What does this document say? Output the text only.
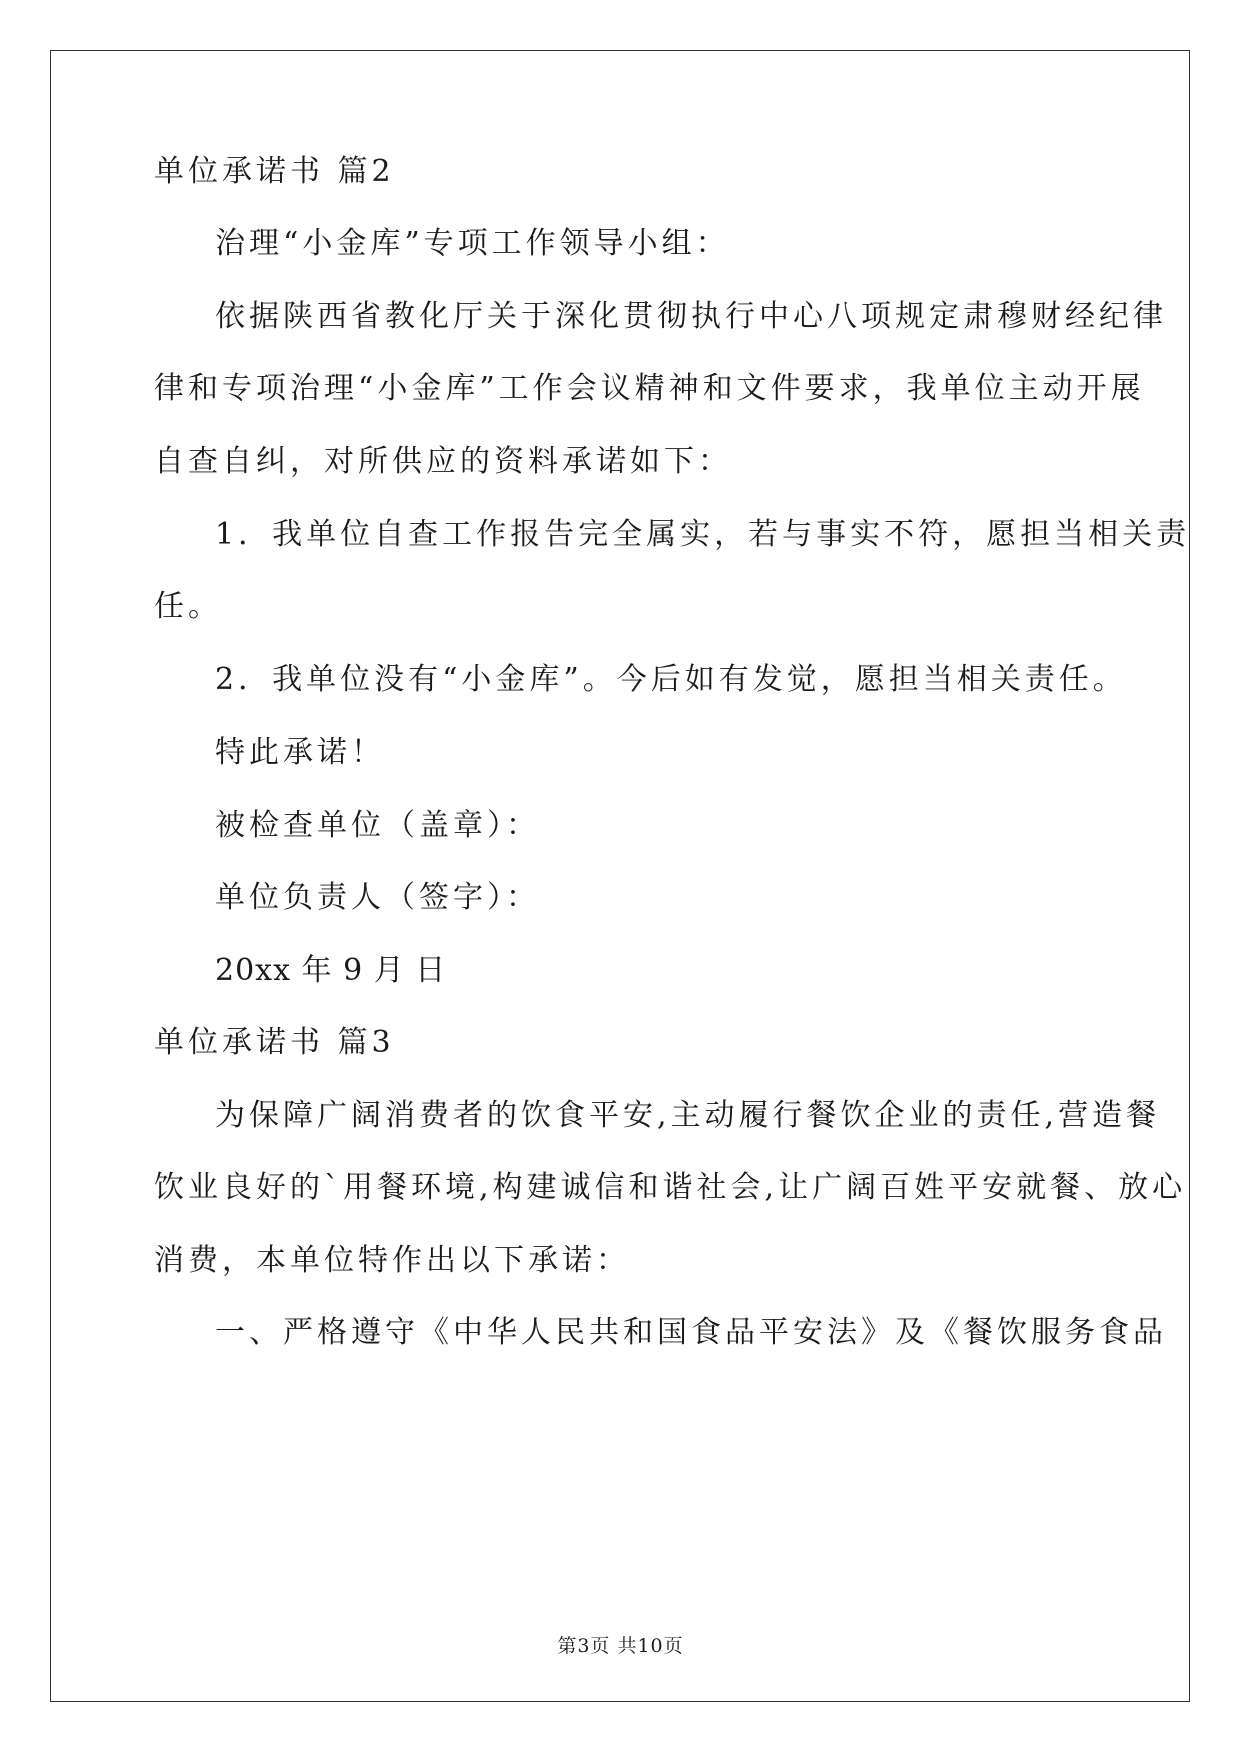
单位承诺书 篇2
治理“小金库”专项工作领导小组：
依据陕西省教化厅关于深化贯彻执行中心八项规定肃穆财经纪律
律和专项治理“小金库”工作会议精神和文件要求，我单位主动开展
自查自纠，对所供应的资料承诺如下：
1．我单位自查工作报告完全属实，若与事实不符，愿担当相关责
任。
2．我单位没有“小金库”。今后如有发觉，愿担当相关责任。
特此承诺！
被检查单位（盖章）：
单位负责人（签字）：
20xx 年 9 月 日
单位承诺书 篇3
为保障广阔消费者的饮食平安,主动履行餐饮企业的责任,营造餐
饮业良好的`用餐环境,构建诚信和谐社会,让广阔百姓平安就餐、放心
消费，本单位特作出以下承诺：
一、严格遵守《中华人民共和国食品平安法》及《餐饮服务食品
第3页 共10页
